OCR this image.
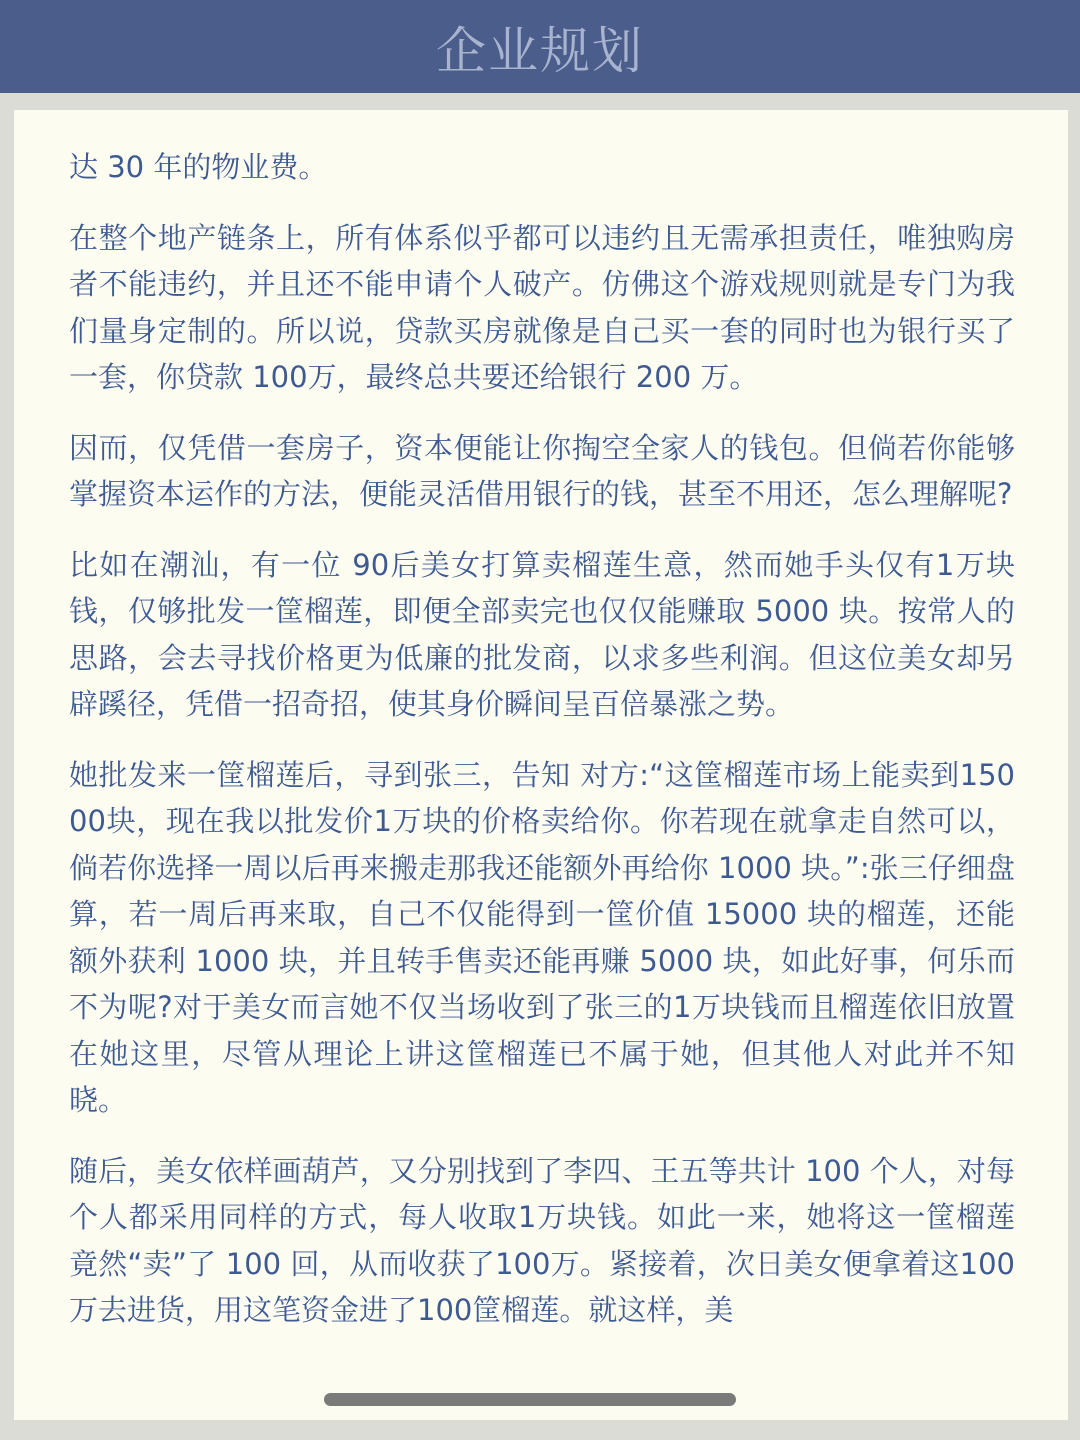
企业规划

达 30 年的物业费。

在整个地产链条上，所有体系似乎都可以违约且无需承担责任，唯独购房者不能违约，并且还不能申请个人破产。仿佛这个游戏规则就是专门为我们量身定制的。所以说，贷款买房就像是自己买一套的同时也为银行买了一套，你贷款 100万，最终总共要还给银行 200 万。

因而，仅凭借一套房子，资本便能让你掏空全家人的钱包。但倘若你能够掌握资本运作的方法，便能灵活借用银行的钱，甚至不用还，怎么理解呢?

比如在潮汕，有一位 90后美女打算卖榴莲生意，然而她手头仅有1万块钱，仅够批发一筐榴莲，即便全部卖完也仅仅能赚取 5000 块。按常人的思路，会去寻找价格更为低廉的批发商，以求多些利润。但这位美女却另辟蹊径，凭借一招奇招，使其身价瞬间呈百倍暴涨之势。

她批发来一筐榴莲后，寻到张三，告知 对方:“这筐榴莲市场上能卖到15000块，现在我以批发价1万块的价格卖给你。你若现在就拿走自然可以，倘若你选择一周以后再来搬走那我还能额外再给你 1000 块。”:张三仔细盘算，若一周后再来取，自己不仅能得到一筐价值 15000 块的榴莲，还能额外获利 1000 块，并且转手售卖还能再赚 5000 块，如此好事，何乐而不为呢?对于美女而言她不仅当场收到了张三的1万块钱而且榴莲依旧放置在她这里，尽管从理论上讲这筐榴莲已不属于她，但其他人对此并不知晓。

随后，美女依样画葫芦，又分别找到了李四、王五等共计 100 个人，对每个人都采用同样的方式，每人收取1万块钱。如此一来，她将这一筐榴莲竟然“卖”了 100 回，从而收获了100万。紧接着，次日美女便拿着这100 万去进货，用这笔资金进了100筐榴莲。就这样，美
